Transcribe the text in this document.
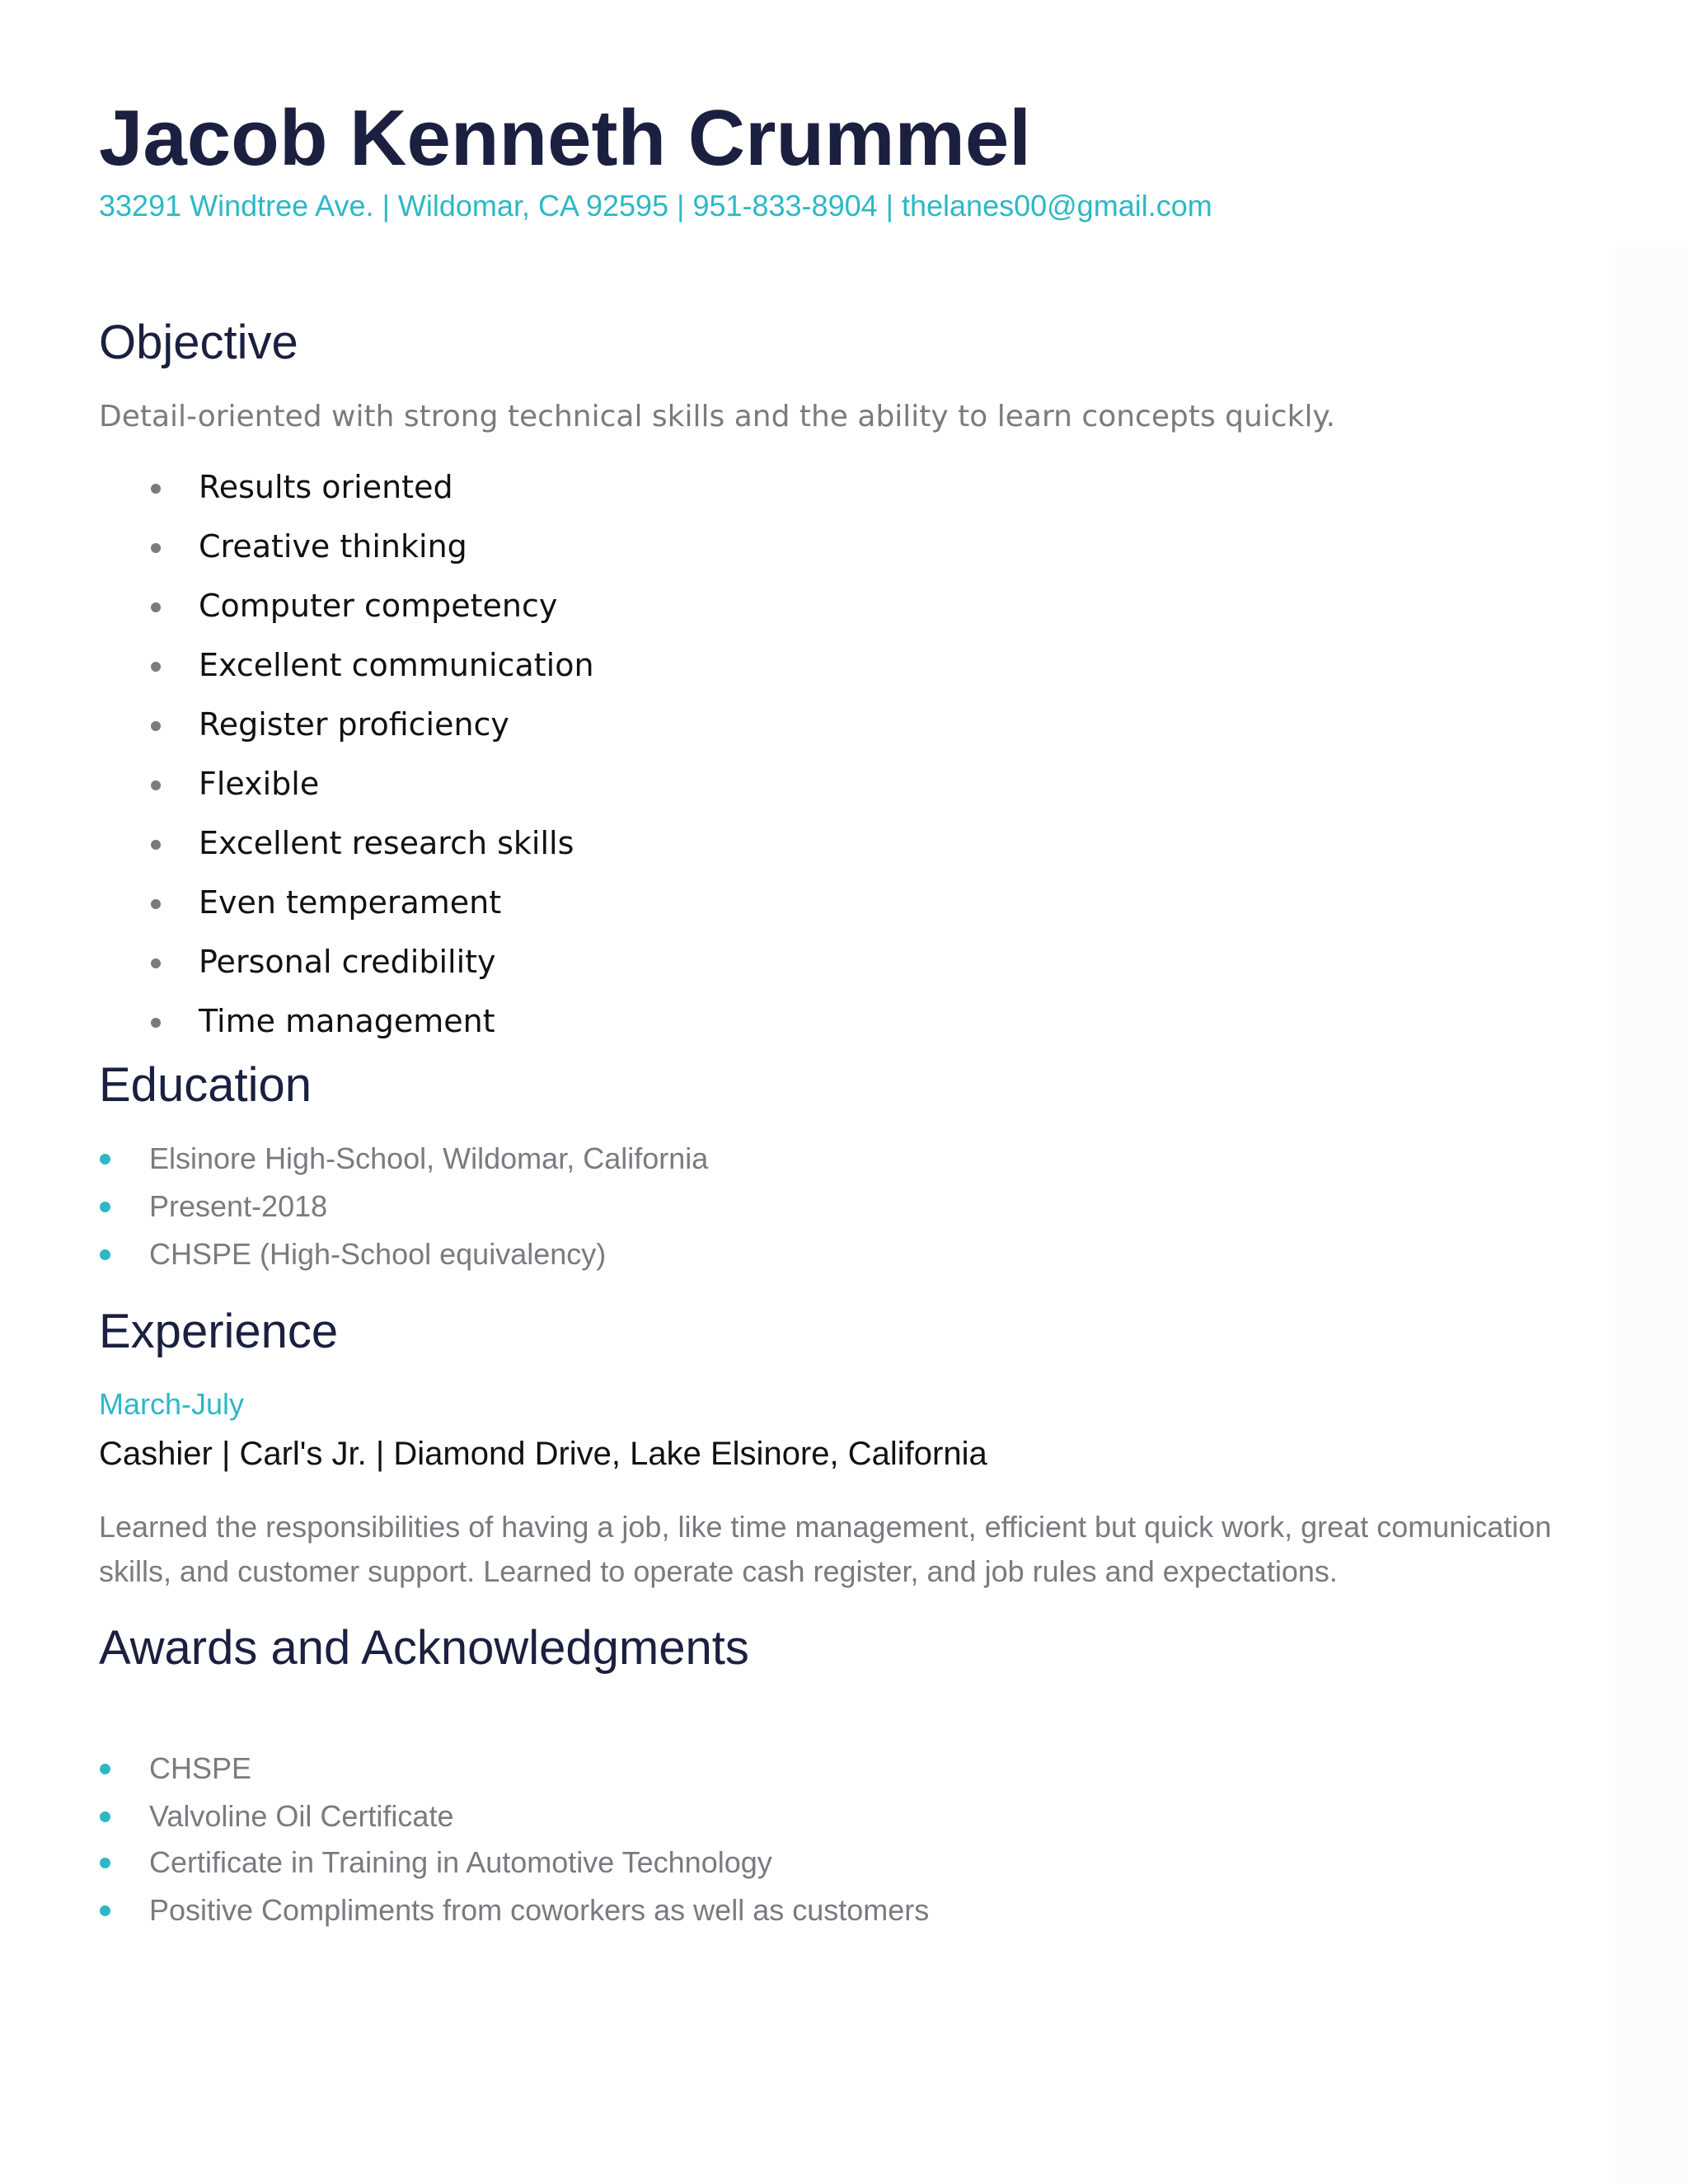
Jacob Kenneth Crummel
33291 Windtree Ave. | Wildomar, CA 92595 | 951-833-8904 | thelanes00@gmail.com
Objective
Detail-oriented with strong technical skills and the ability to learn concepts quickly.
Results oriented
Creative thinking
Computer competency
Excellent communication
Register proficiency
Flexible
Excellent research skills
Even temperament
Personal credibility
Time management
Education
Elsinore High-School, Wildomar, California
Present-2018
CHSPE (High-School equivalency)
Experience
March-July
Cashier | Carl's Jr. | Diamond Drive, Lake Elsinore, California
Learned the responsibilities of having a job, like time management, efficient but quick work, great comunication skills, and customer support. Learned to operate cash register, and job rules and expectations.
Awards and Acknowledgments
CHSPE
Valvoline Oil Certificate
Certificate in Training in Automotive Technology
Positive Compliments from coworkers as well as customers
